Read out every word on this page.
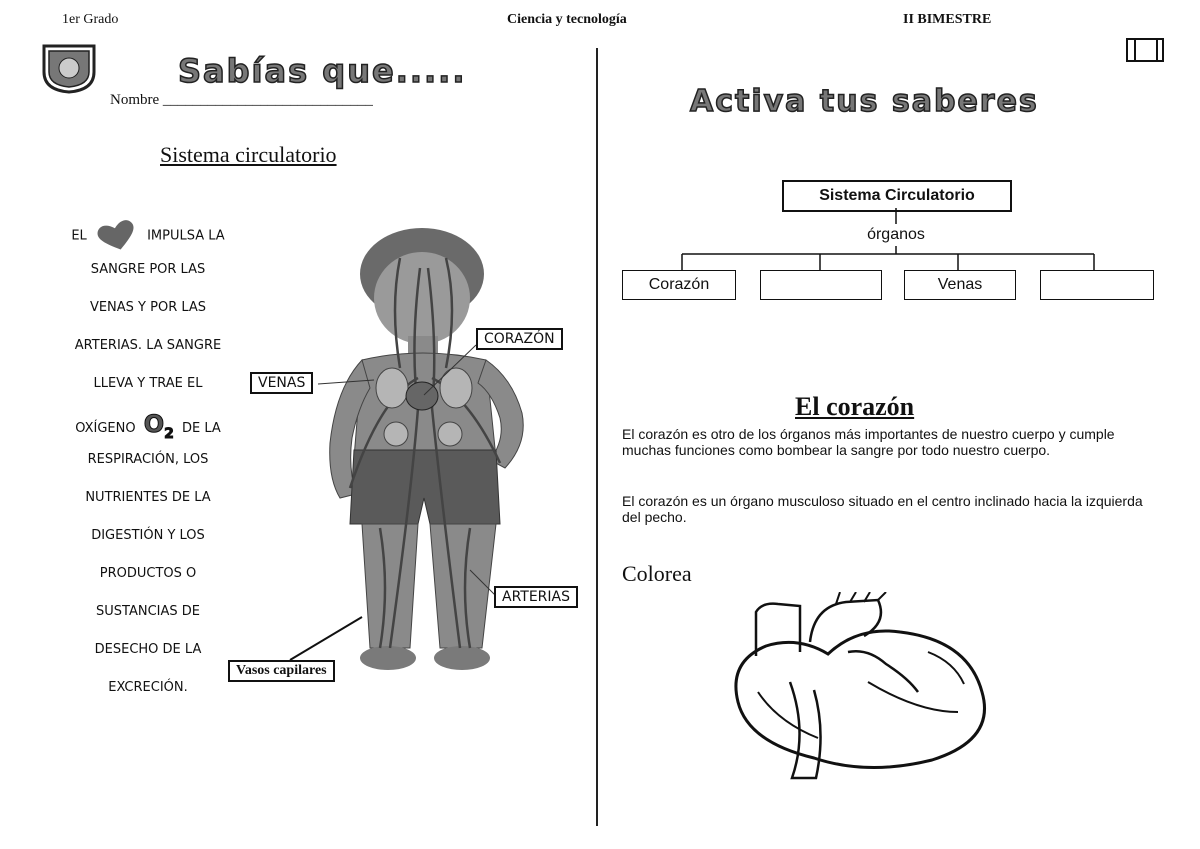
1er Grado	Ciencia y tecnología	II BIMESTRE
Sabías que.....
Nombre ____________________________
Sistema circulatorio
EL	IMPULSA LA
SANGRE POR LAS
VENAS Y POR LAS
ARTERIAS. LA SANGRE
LLEVA Y TRAE EL
OXÍGENO $O_2$ DE LA
RESPIRACIÓN, LOS
NUTRIENTES DE LA
DIGESTIÓN Y LOS
PRODUCTOS O
SUSTANCIAS DE
DESECHO DE LA
EXCRECIÓN.
CORAZÓN
VENAS
ARTERIAS
Vasos capilares
Activa tus saberes
Sistema Circulatorio
órganos
Corazón	Venas
El corazón
El corazón es otro de los órganos más importantes de nuestro cuerpo y cumple muchas funciones como bombear la sangre por todo nuestro cuerpo.
El corazón es un órgano musculoso situado en el centro inclinado hacia la izquierda del pecho.
Colorea
